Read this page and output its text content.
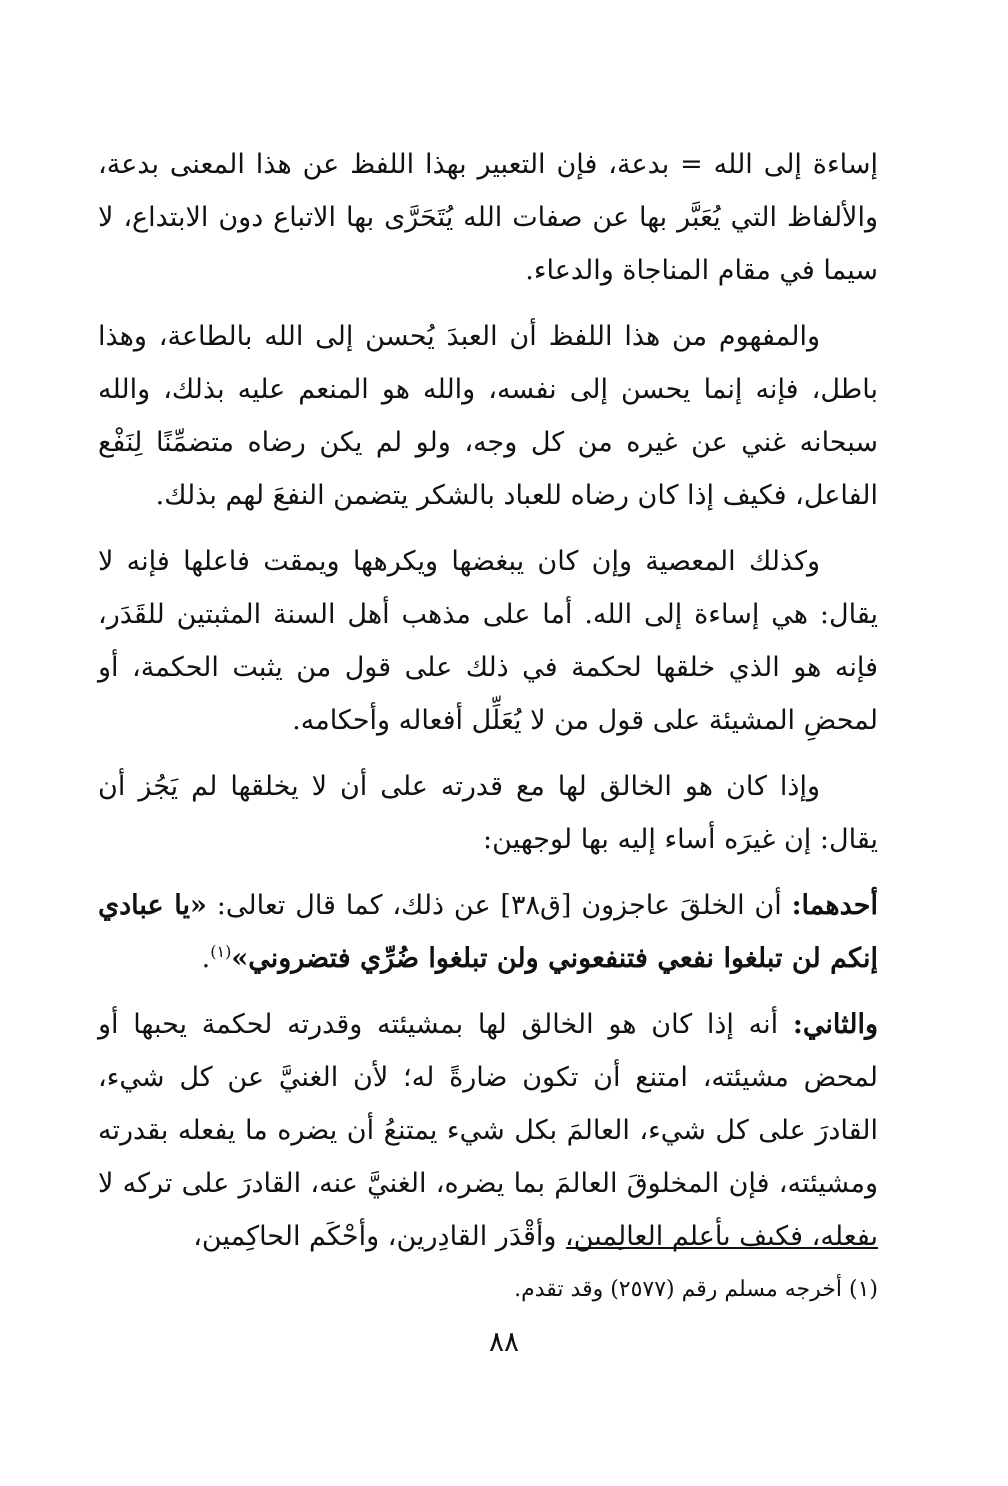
إساءة إلى الله = بدعة، فإن التعبير بهذا اللفظ عن هذا المعنى بدعة، والألفاظ التي يُعَبَّر بها عن صفات الله يُتَحَرَّى بها الاتباع دون الابتداع، لا سيما في مقام المناجاة والدعاء.

والمفهوم من هذا اللفظ أن العبدَ يُحسن إلى الله بالطاعة، وهذا باطل، فإنه إنما يحسن إلى نفسه، والله هو المنعم عليه بذلك، والله سبحانه غني عن غيره من كل وجه، ولو لم يكن رضاه متضمِّنًا لِنَفْع الفاعل، فكيف إذا كان رضاه للعباد بالشكر يتضمن النفعَ لهم بذلك.

وكذلك المعصية وإن كان يبغضها ويكرهها ويمقت فاعلها فإنه لا يقال: هي إساءة إلى الله. أما على مذهب أهل السنة المثبتين للقَدَر، فإنه هو الذي خلقها لحكمة في ذلك على قول من يثبت الحكمة، أو لمحضِ المشيئة على قول من لا يُعَلِّل أفعاله وأحكامه.

وإذا كان هو الخالق لها مع قدرته على أن لا يخلقها لم يَجُز أن يقال: إن غيرَه أساء إليه بها لوجهين:

أحدهما: أن الخلقَ عاجزون [ق٣٨] عن ذلك، كما قال تعالى: «يا عبادي إنكم لن تبلغوا نفعي فتنفعوني ولن تبلغوا ضُرِّي فتضروني»$^{(١)}$.

والثاني: أنه إذا كان هو الخالق لها بمشيئته وقدرته لحكمة يحبها أو لمحض مشيئته، امتنع أن تكون ضارةً له؛ لأن الغنيَّ عن كل شيء، القادرَ على كل شيء، العالمَ بكل شيء يمتنعُ أن يضره ما يفعله بقدرته ومشيئته، فإن المخلوقَ العالمَ بما يضره، الغنيَّ عنه، القادرَ على تركه لا يفعله، فكيف بأعلم العالِمين، وأقْدَر القادِرين، وأحْكَم الحاكِمين،

(١) أخرجه مسلم رقم (٢٥٧٧) وقد تقدم.
٨٨
